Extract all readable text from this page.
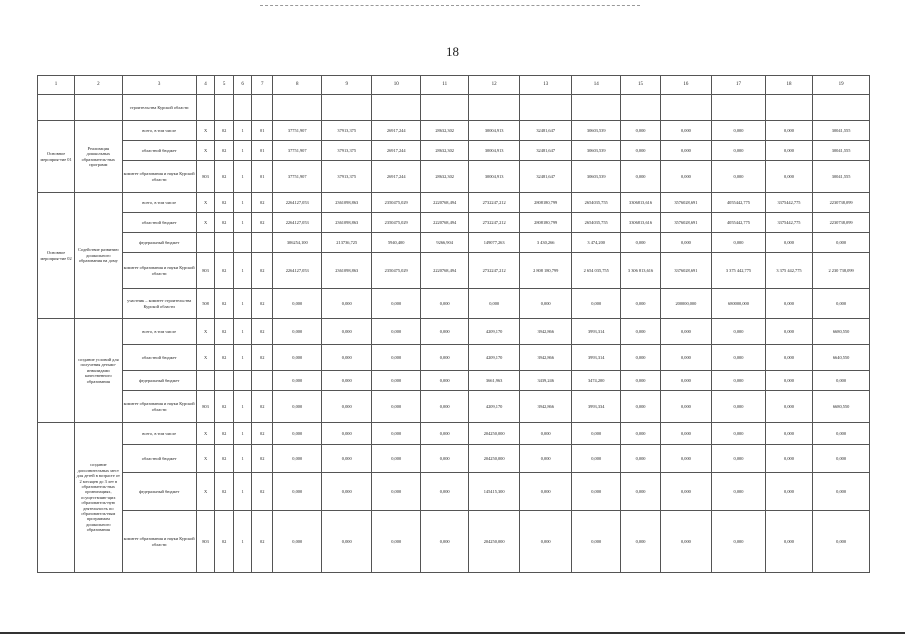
18
1	2	3	4	5	6	7	8	9	10	11	12	13	14	15	16	17	18	19
		строительства Курской области																
Основное мероприя-тие 01	Реализация дошкольных образователь-ных программ	всего, в том числе	X	02	1	01	37751,907	37913,375	26917,244	28632,302	30004,913	32481,647	30603,539	0,000	0,000	0,000	0,000	30041,555
		областной бюджет	X	02	1	01	37751,907	37913,375	26917,244	28632,302	30004,913	32481,647	30603,539	0,000	0,000	0,000	0,000	30041,555
		комитет образования и науки Курской области	803	02	1	01	37751,907	37913,375	26917,244	28632,302	30004,913	32481,647	30603,539	0,000	0,000	0,000	0,000	30041,555
Основное мероприя-тие 02	Содействие развитию дошкольного образования на дому	всего, в том числе	X	02	1	02	2264127,053	2361098,863	2350475,029	2220768,494	2732247,212	2808180,799	2654035,755	3306813,616	3576028,691	4055442,775	3375442,775	2230738,099
		областной бюджет	X	02	1	02	2264127,053	2361098,863	2350475,029	2220768,494	2732247,212	2808180,799	2654035,755	3306813,616	3576028,691	4055442,775	3375442,775	2230738,099
		федеральный бюджет					306254,100	213736,725	5940,400	9266,904	149077,263	3 430,266	3 474,200	0,000	0,000	0,000	0,000	0,000
		комитет образования и науки Курской области	803	02	1	02	2264127,053	2361098,863	2350475,029	2220768,494	2732247,212	2 808 180,799	2 654 035,755	3 306 813,616	3376028,691	3 375 442,775	3 375 442,775	2 230 738,099
		участник – комитет строительства Курской области	508	02	1	02	0,000	0,000	0,000	0,000	0,000	0,000	0,000	0,000	200000,000	680000,000	0,000	0,000
	создание условий для получения детьми-инвалидами качественного образования	всего, в том числе	X	02	1	02	0,000	0,000	0,000	0,000	4209,170	3942,866	3993,314	0,000	0,000	0,000	0,000	6680,550
		областной бюджет	X	02	1	02	0,000	0,000	0,000	0,000	4209,170	3942,866	3993,314	0,000	0,000	0,000	0,000	6640,550
		федеральный бюджет					0,000	0,000	0,000	0,000	3661,963	3439,246	3474,200	0,000	0,000	0,000	0,000	0,000
		комитет образования и науки Курской области	803	02	1	02	0,000	0,000	0,000	0,000	4209,170	3942,866	3993,334	0,000	0,000	0,000	0,000	6680,550
	создание дополнительных мест для детей в возрасте от 2 месяцев до 3 лет в образователь-ных организациях, осуществляю-щих образователь-ную деятельность по образователь-ным программам дошкольного образования	всего, в том числе	X	02	1	02	0,000	0,000	0,000	0,000	204250,000	0,000	0,000	0,000	0,000	0,000	0,000	0,000
		областной бюджет	X	02	1	02	0,000	0,000	0,000	0,000	204250,000	0,000	0,000	0,000	0,000	0,000	0,000	0,000
		федеральный бюджет	X	02	1	02	0,000	0,000	0,000	0,000	145415,300	0,000	0,000	0,000	0,000	0,000	0,000	0,000
		комитет образования и науки Курской области	803	02	1	02	0,000	0,000	0,000	0,000	204250,000	0,000	0,000	0,000	0,000	0,000	0,000	0,000
